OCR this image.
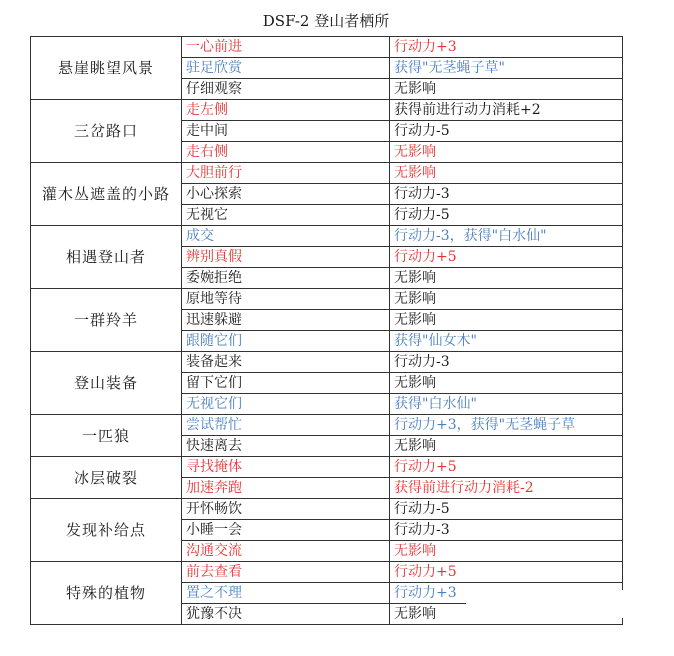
DSF-2 登山者栖所
悬崖眺望风景	一心前进	行动力+3
	驻足欣赏	获得"无茎蝇子草"
	仔细观察	无影响
三岔路口	走左侧	获得前进行动力消耗+2
	走中间	行动力-5
	走右侧	无影响
灌木丛遮盖的小路	大胆前行	无影响
	小心探索	行动力-3
	无视它	行动力-5
相遇登山者	成交	行动力-3，获得"白水仙"
	辨别真假	行动力+5
	委婉拒绝	无影响
一群羚羊	原地等待	无影响
	迅速躲避	无影响
	跟随它们	获得"仙女木"
登山装备	装备起来	行动力-3
	留下它们	无影响
	无视它们	获得"白水仙"
一匹狼	尝试帮忙	行动力+3，获得"无茎蝇子草
	快速离去	无影响
冰层破裂	寻找掩体	行动力+5
	加速奔跑	获得前进行动力消耗-2
发现补给点	开怀畅饮	行动力-5
	小睡一会	行动力-3
	沟通交流	无影响
特殊的植物	前去查看	行动力+5
	置之不理	行动力+3
	犹豫不决	无影响
